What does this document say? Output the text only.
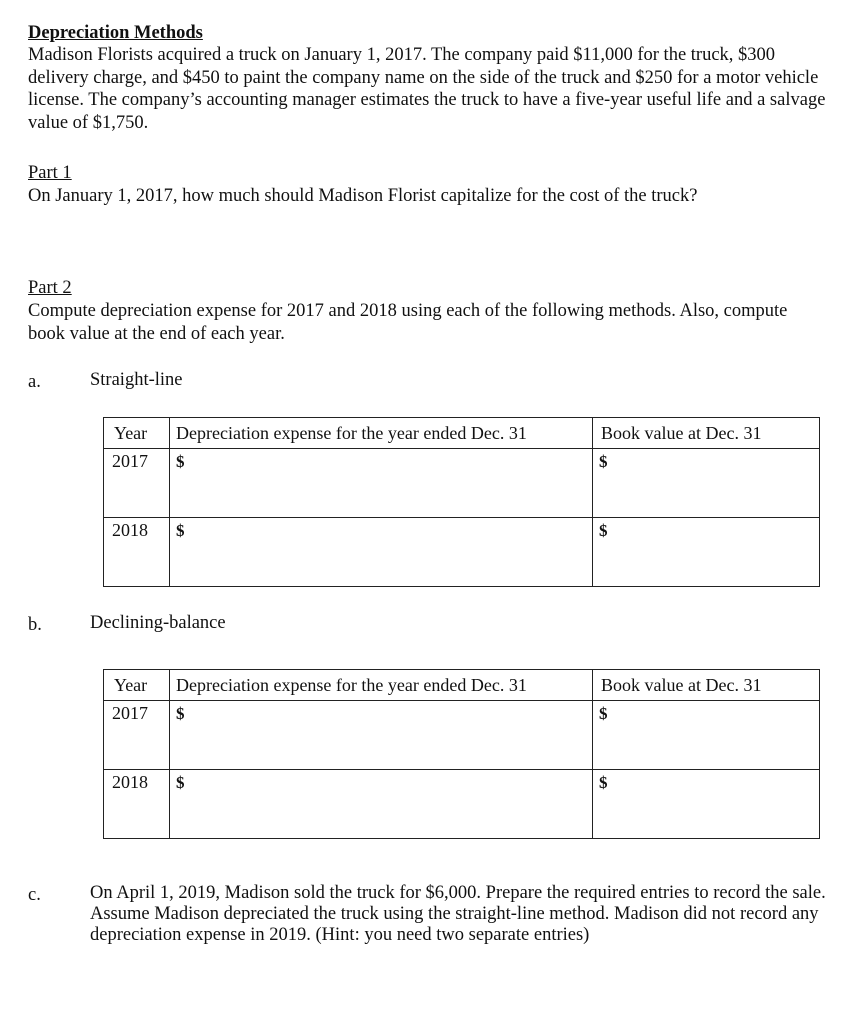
Depreciation Methods
Madison Florists acquired a truck on January 1, 2017. The company paid $11,000 for the truck, $300 delivery charge, and $450 to paint the company name on the side of the truck and $250 for a motor vehicle license. The company’s accounting manager estimates the truck to have a five-year useful life and a salvage value of $1,750.
Part 1
On January 1, 2017, how much should Madison Florist capitalize for the cost of the truck?
Part 2
Compute depreciation expense for 2017 and 2018 using each of the following methods. Also, compute book value at the end of each year.
a.	Straight-line
Year	Depreciation expense for the year ended Dec. 31	Book value at Dec. 31
2017	$	$
2018	$	$
b.	Declining-balance
Year	Depreciation expense for the year ended Dec. 31	Book value at Dec. 31
2017	$	$
2018	$	$
c.	On April 1, 2019, Madison sold the truck for $6,000. Prepare the required entries to record the sale. Assume Madison depreciated the truck using the straight-line method. Madison did not record any depreciation expense in 2019. (Hint: you need two separate entries)
